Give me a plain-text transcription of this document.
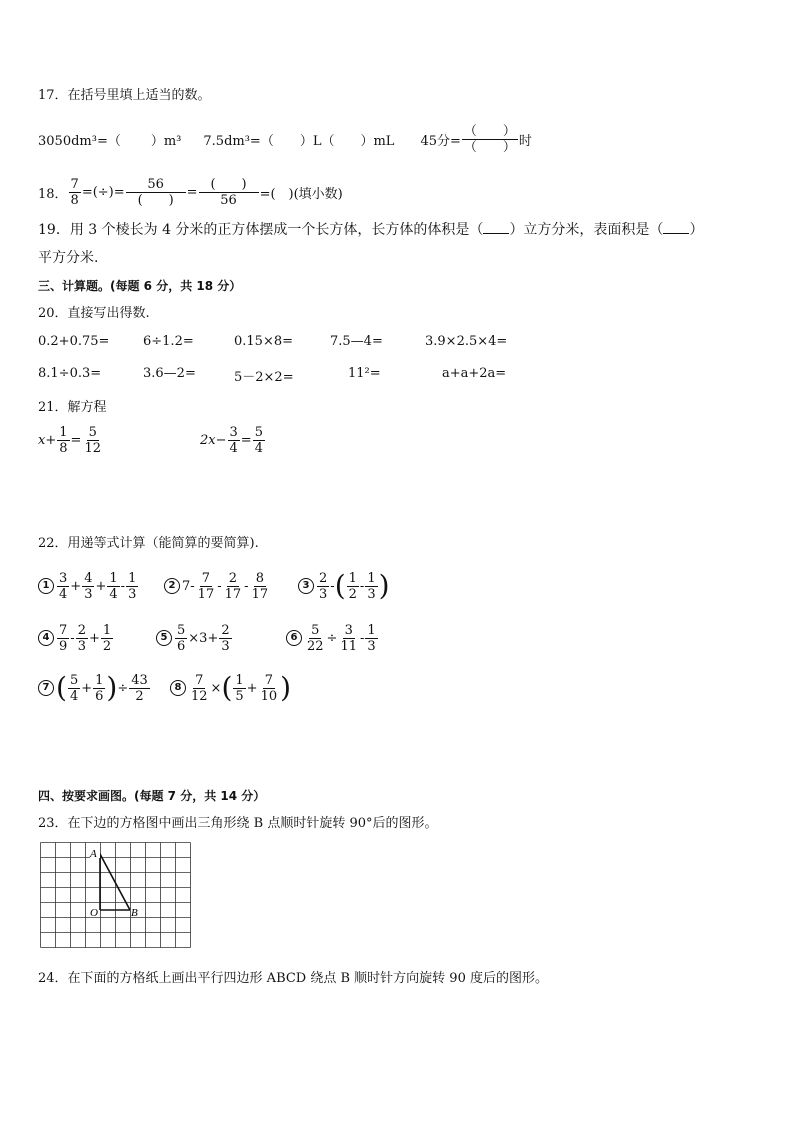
17．在括号里填上适当的数。
3050dm³=（ ）m³ 7.5dm³=（ ）L（ ）mL 45分= $\frac{( )}{( )}$ 时
18． $\frac{7}{8}$ =(÷)= $\frac{56}{( )} = \frac{( )}{56}$ =(　)(填小数)
19．用 3 个棱长为 4 分米的正方体摆成一个长方体，长方体的体积是（ ）立方分米，表面积是（ ）
平方分米.
三、计算题。(每题 6 分，共 18 分）
20．直接写出得数.
0.2+0.75=	6÷1.2=	0.15×8=	7.5—4=	3.9×2.5×4=
8.1÷0.3=	3.6—2=	5－2×2=	11²=	a+a+2a=
21．解方程
$x + \frac{1}{8} = \frac{5}{12}$	$2x - \frac{3}{4} = \frac{5}{4}$
22．用递等式计算（能简算的要简算).
$1 \frac{3}{4} + \frac{4}{3} + \frac{1}{4} - \frac{1}{3}$	2 $7- \frac{7}{17} - \frac{2}{17} - \frac{8}{17}$	$3 \frac{2}{3}$ - ( $\frac{1}{2} - \frac{1}{3}$ )
$4 \frac{7}{9} - \frac{2}{3} + \frac{1}{2}$	$5 \frac{5}{6} \times 3+ \frac{2}{3}$	$6 \frac{5}{22} \div \frac{3}{11} - \frac{1}{3}$
7 ( $\frac{5}{4} + \frac{1}{6}$ ) ÷ $\frac{43}{2}$	$8 \frac{7}{12}$ × ( $\frac{1}{5} + \frac{7}{10}$ )
四、按要求画图。(每题 7 分，共 14 分）
23．在下边的方格图中画出三角形绕 B 点顺时针旋转 90°后的图形。
A
O	B
24．在下面的方格纸上画出平行四边形 ABCD 绕点 B 顺时针方向旋转 90 度后的图形。
